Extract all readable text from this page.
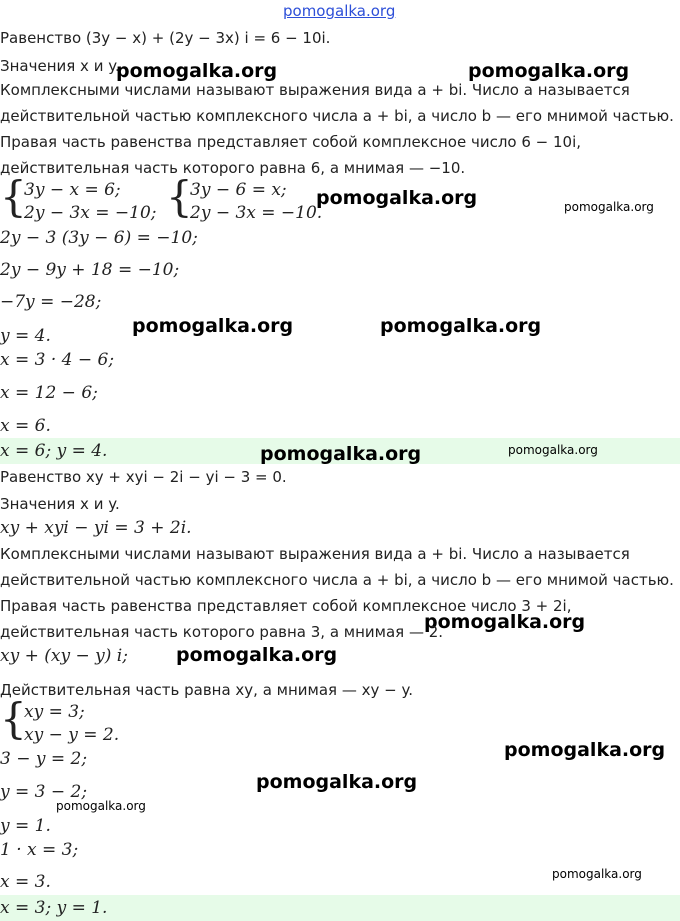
pomogalka.org
pomogalka.org	pomogalka.org
pomogalka.org	pomogalka.org
pomogalka.org	pomogalka.org
pomogalka.org	pomogalka.org
pomogalka.org
pomogalka.org
pomogalka.org
pomogalka.org
pomogalka.org
pomogalka.org
Равенство (3y − x) + (2y − 3x) i = 6 − 10i.
Значения x и y.
Комплексными числами называют выражения вида a + bi. Число a называется
действительной частью комплексного числа a + bi, а число b — его мнимой частью.
Правая часть равенства представляет собой комплексное число 6 − 10i,
действительная часть которого равна 6, а мнимая — −10.
{
3y − x = 6;
2y − 3x = −10; {
3y − 6 = x;
2y − 3x = −10.
2y − 3 (3y − 6) = −10;
2y − 9y + 18 = −10;
−7y = −28;
y = 4.
x = 3 · 4 − 6;
x = 12 − 6;
x = 6.
x = 6; y = 4.
Равенство xy + xyi − 2i − yi − 3 = 0.
Значения x и y.
xy + xyi − yi = 3 + 2i.
Комплексными числами называют выражения вида a + bi. Число a называется
действительной частью комплексного числа a + bi, а число b — его мнимой частью.
Правая часть равенства представляет собой комплексное число 3 + 2i,
действительная часть которого равна 3, а мнимая — 2.
xy + (xy − y) i;
Действительная часть равна xy, а мнимая — xy − y.
{
xy = 3;
xy − y = 2.
3 − y = 2;
y = 3 − 2;
y = 1.
1 · x = 3;
x = 3.
x = 3; y = 1.
